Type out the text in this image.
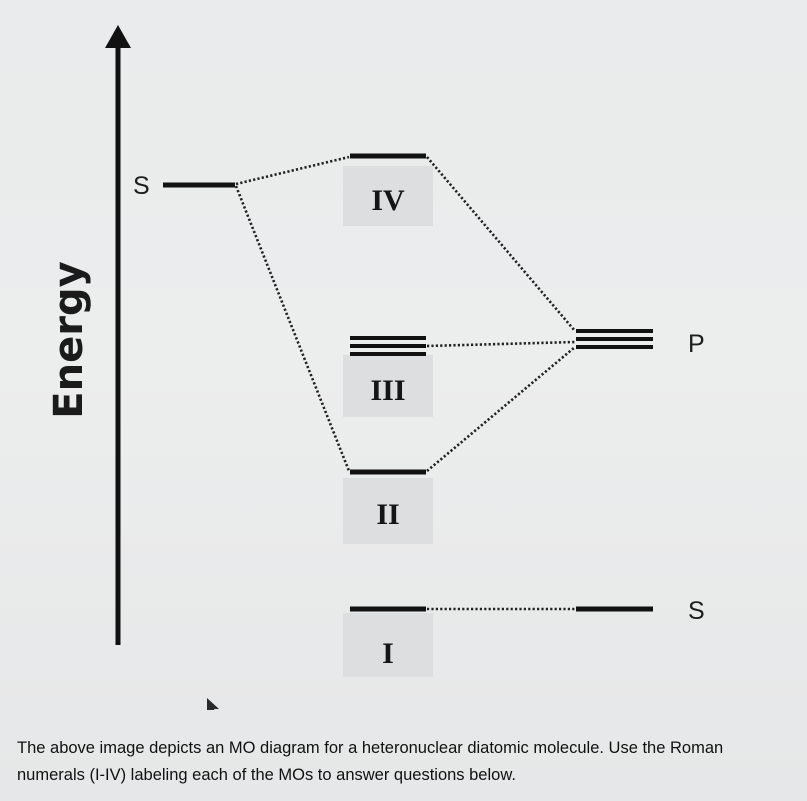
Energy
S
P
S
IV
III
II
I
The above image depicts an MO diagram for a heteronuclear diatomic molecule. Use the Roman numerals (I-IV) labeling each of the MOs to answer questions below.
